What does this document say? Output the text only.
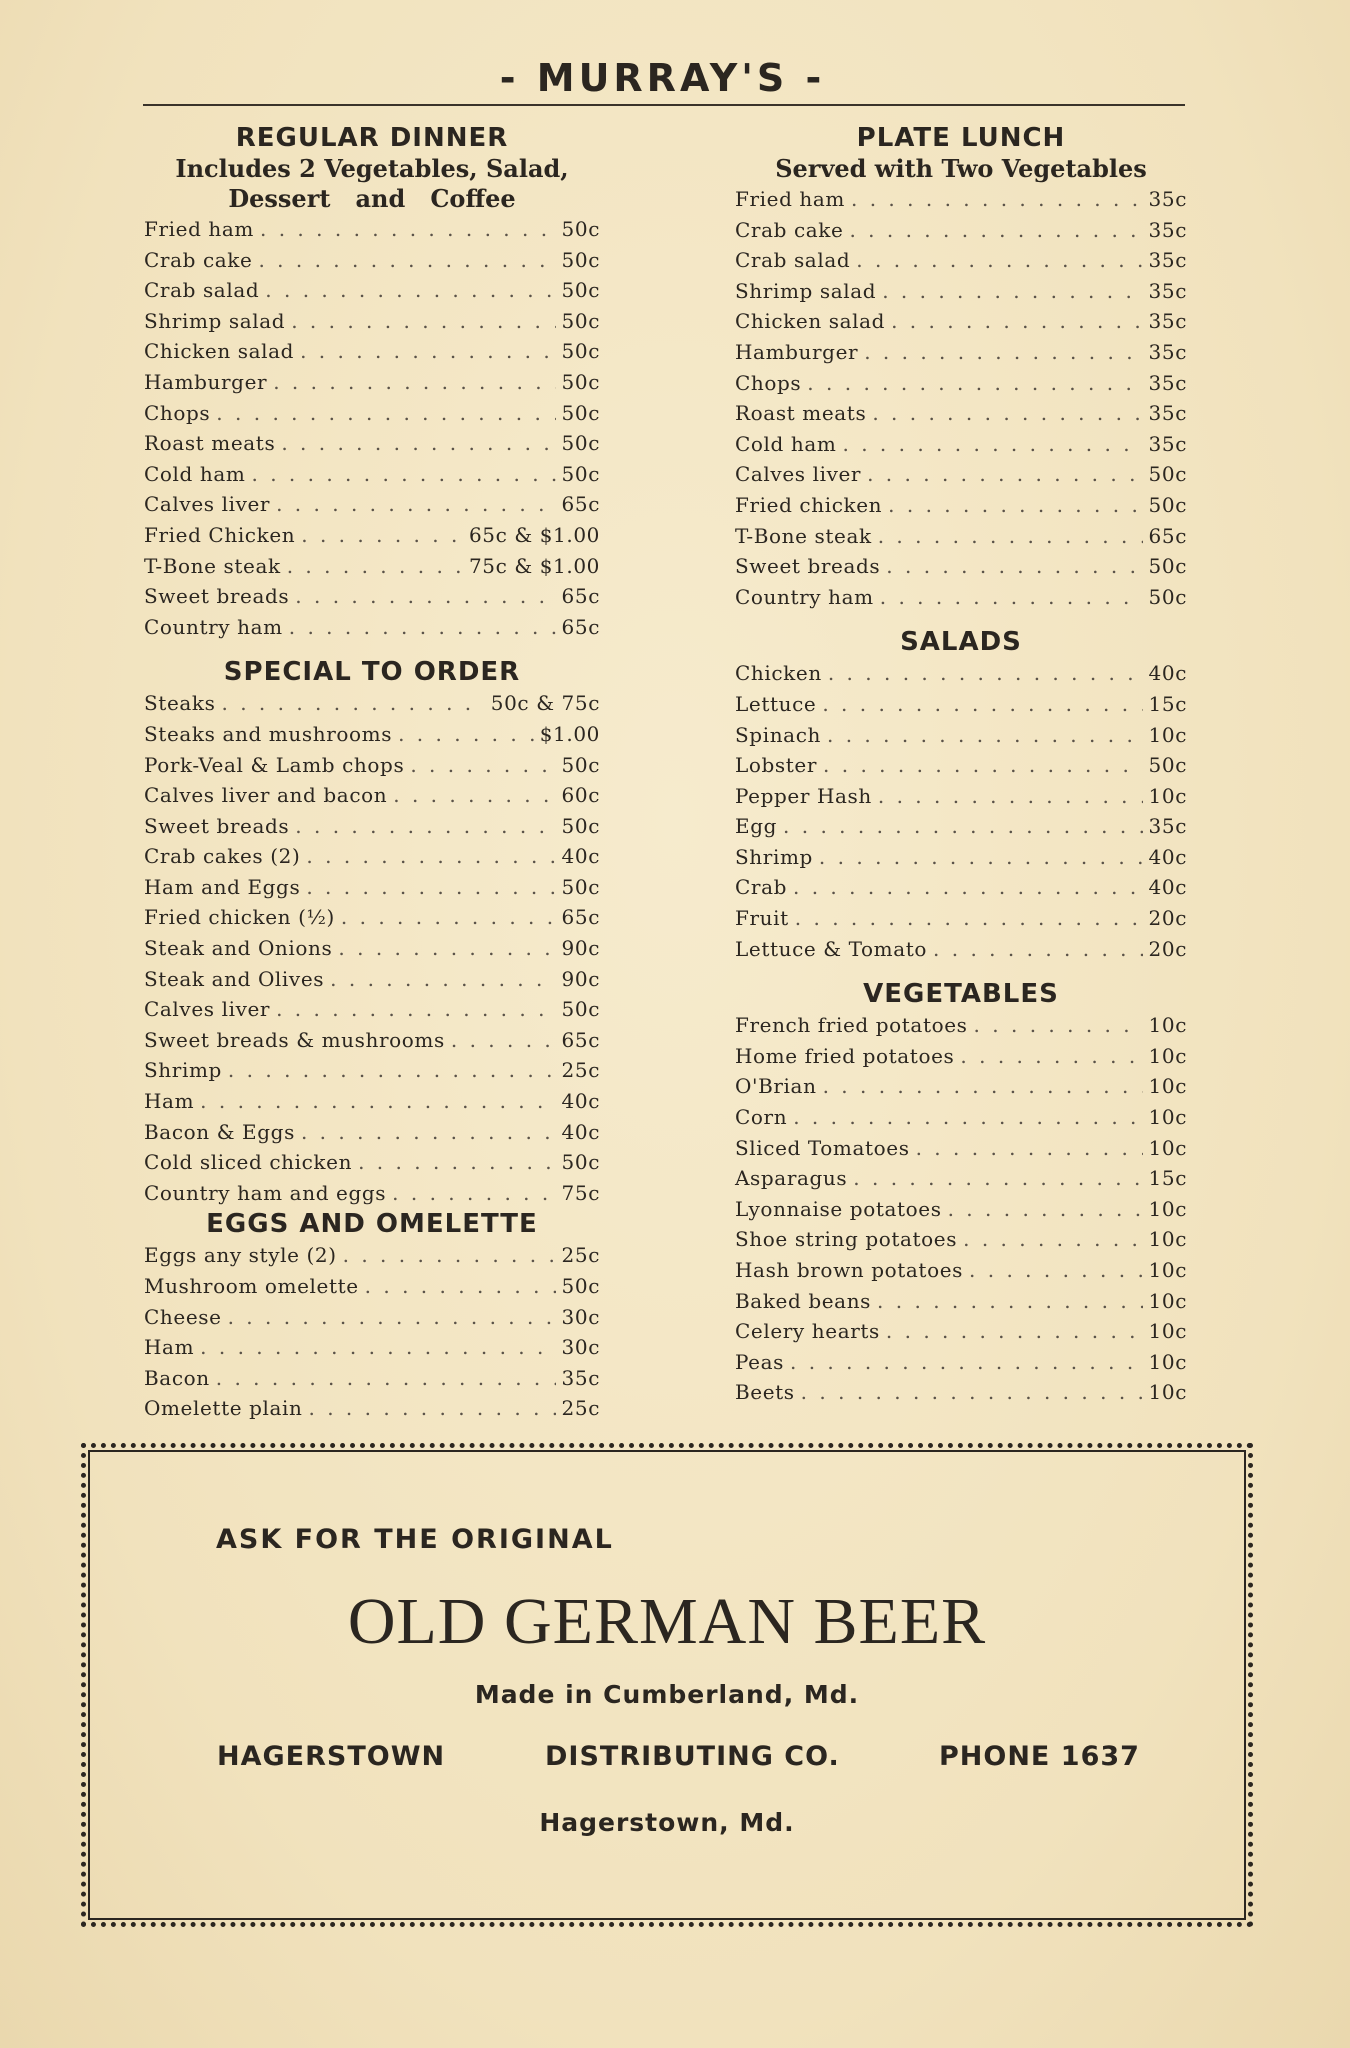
- MURRAY'S -
REGULAR DINNER
Includes 2 Vegetables, Salad,
Dessert   and   Coffee
Fried ham . . .	50c
Crab cake . . .	50c
Crab salad . . .	50c
Shrimp salad . . .	50c
Chicken salad . . .	50c
Hamburger . . .	50c
Chops . . .	50c
Roast meats . . .	50c
Cold ham . . .	50c
Calves liver . . .	65c
Fried Chicken . . .	65c & $1.00
T-Bone steak . . .	75c & $1.00
Sweet breads . . .	65c
Country ham . . .	65c
SPECIAL TO ORDER
Steaks . . .	50c & 75c
Steaks and mushrooms . . .	$1.00
Pork-Veal & Lamb chops . . .	50c
Calves liver and bacon . . .	60c
Sweet breads . . .	50c
Crab cakes (2) . . .	40c
Ham and Eggs . . .	50c
Fried chicken (½) . . .	65c
Steak and Onions . . .	90c
Steak and Olives . . .	90c
Calves liver . . .	50c
Sweet breads & mushrooms . . .	65c
Shrimp . . .	25c
Ham . . .	40c
Bacon & Eggs . . .	40c
Cold sliced chicken . . .	50c
Country ham and eggs . . .	75c
EGGS AND OMELETTE
Eggs any style (2) . . .	25c
Mushroom omelette . . .	50c
Cheese . . .	30c
Ham . . .	30c
Bacon . . .	35c
Omelette plain . . .	25c
PLATE LUNCH
Served with Two Vegetables
Fried ham . . .	35c
Crab cake . . .	35c
Crab salad . . .	35c
Shrimp salad . . .	35c
Chicken salad . . .	35c
Hamburger . . .	35c
Chops . . .	35c
Roast meats . . .	35c
Cold ham . . .	35c
Calves liver . . .	50c
Fried chicken . . .	50c
T-Bone steak . . .	65c
Sweet breads . . .	50c
Country ham . . .	50c
SALADS
Chicken . . .	40c
Lettuce . . .	15c
Spinach . . .	10c
Lobster . . .	50c
Pepper Hash . . .	10c
Egg . . .	35c
Shrimp . . .	40c
Crab . . .	40c
Fruit . . .	20c
Lettuce & Tomato . . .	20c
VEGETABLES
French fried potatoes . . .	10c
Home fried potatoes . . .	10c
O'Brian . . .	10c
Corn . . .	10c
Sliced Tomatoes . . .	10c
Asparagus . . .	15c
Lyonnaise potatoes . . .	10c
Shoe string potatoes . . .	10c
Hash brown potatoes . . .	10c
Baked beans . . .	10c
Celery hearts . . .	10c
Peas . . .	10c
Beets . . .	10c
ASK FOR THE ORIGINAL
OLD GERMAN BEER
Made in Cumberland, Md.
HAGERSTOWN	DISTRIBUTING CO.	PHONE 1637
Hagerstown, Md.
